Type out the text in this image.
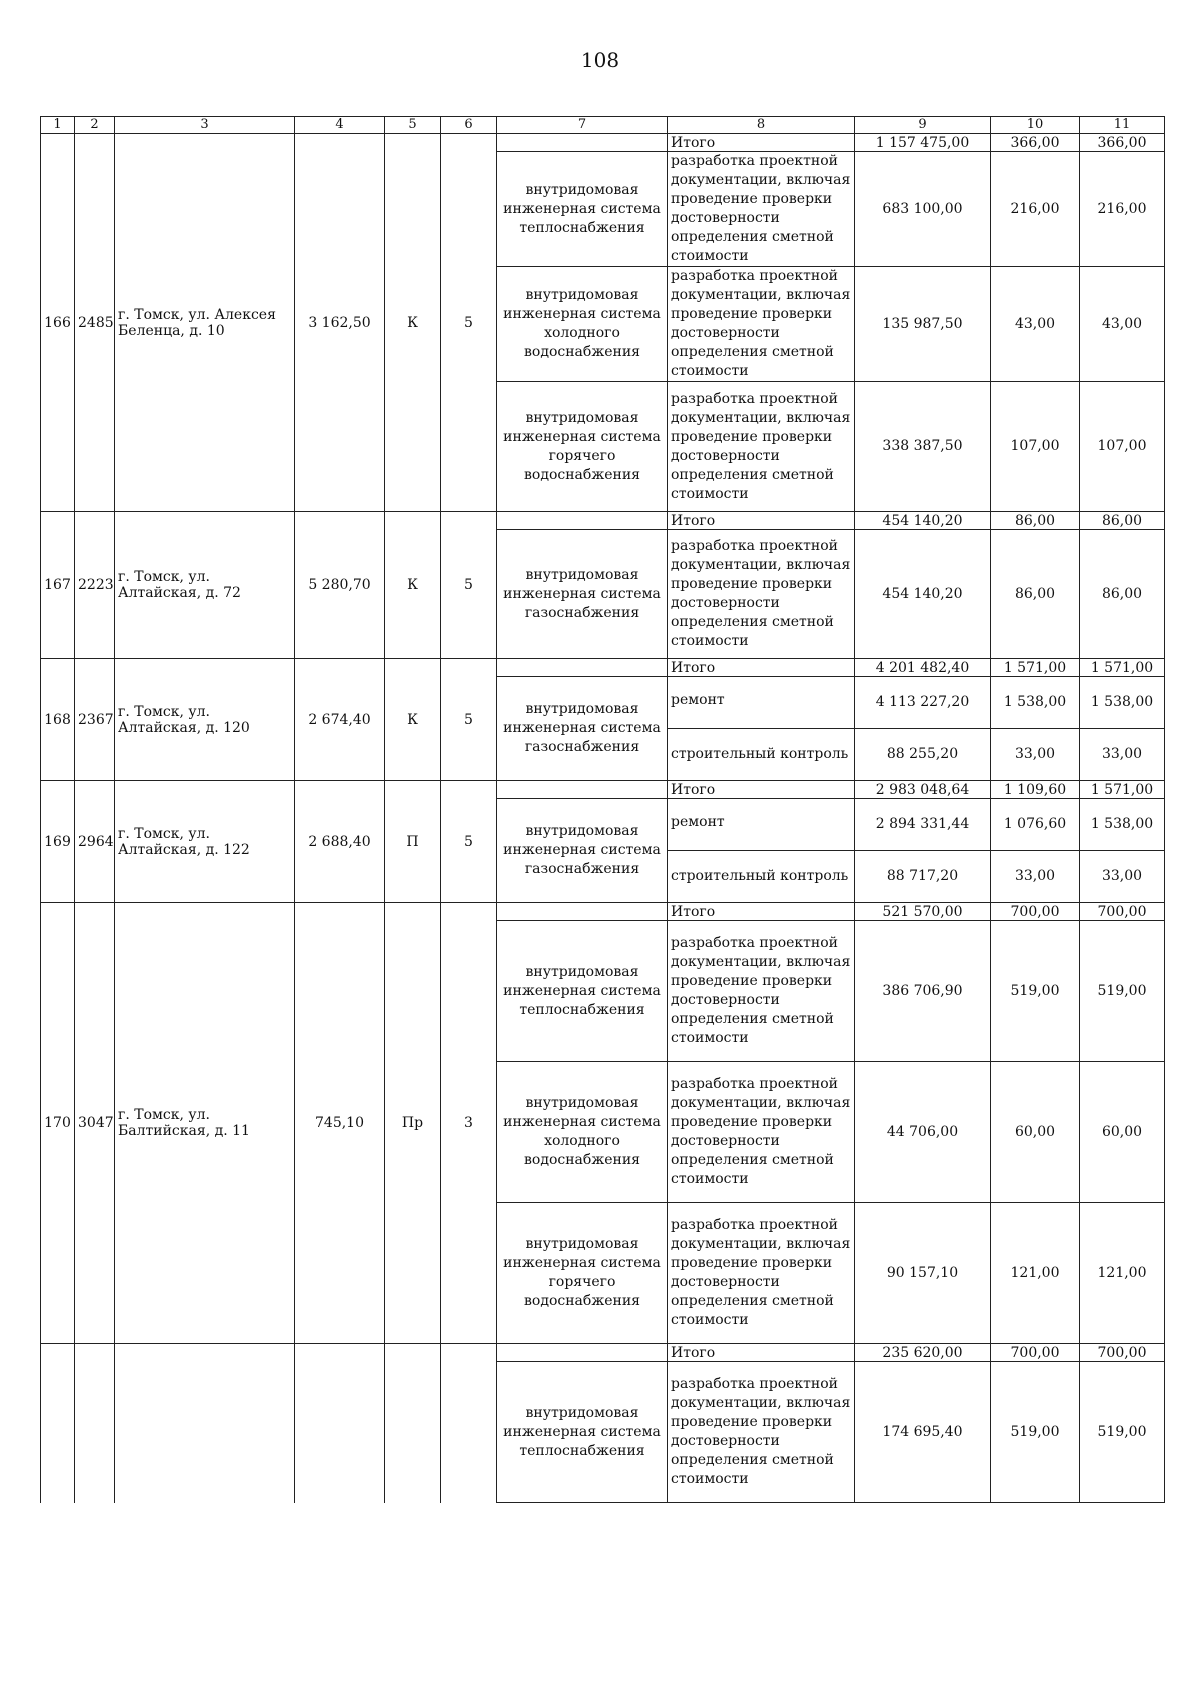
108
1	2	3	4	5	6	7	8	9	10	11
166	2485	г. Томск, ул. Алексея Беленца, д. 10	3 162,50	К	5		Итого	1 157 475,00	366,00	366,00
						внутридомовая инженерная система теплоснабжения	разработка проектной документации, включая проведение проверки достоверности определения сметной стоимости	683 100,00	216,00	216,00
						внутридомовая инженерная система холодного водоснабжения	разработка проектной документации, включая проведение проверки достоверности определения сметной стоимости	135 987,50	43,00	43,00
						внутридомовая инженерная система горячего водоснабжения	разработка проектной документации, включая проведение проверки достоверности определения сметной стоимости	338 387,50	107,00	107,00
167	2223	г. Томск, ул. Алтайская, д. 72	5 280,70	К	5		Итого	454 140,20	86,00	86,00
						внутридомовая инженерная система газоснабжения	разработка проектной документации, включая проведение проверки достоверности определения сметной стоимости	454 140,20	86,00	86,00
168	2367	г. Томск, ул. Алтайская, д. 120	2 674,40	К	5		Итого	4 201 482,40	1 571,00	1 571,00
						внутридомовая инженерная система газоснабжения	ремонт	4 113 227,20	1 538,00	1 538,00
							строительный контроль	88 255,20	33,00	33,00
169	2964	г. Томск, ул. Алтайская, д. 122	2 688,40	П	5		Итого	2 983 048,64	1 109,60	1 571,00
						внутридомовая инженерная система газоснабжения	ремонт	2 894 331,44	1 076,60	1 538,00
							строительный контроль	88 717,20	33,00	33,00
170	3047	г. Томск, ул. Балтийская, д. 11	745,10	Пр	3		Итого	521 570,00	700,00	700,00
						внутридомовая инженерная система теплоснабжения	разработка проектной документации, включая проведение проверки достоверности определения сметной стоимости	386 706,90	519,00	519,00
						внутридомовая инженерная система холодного водоснабжения	разработка проектной документации, включая проведение проверки достоверности определения сметной стоимости	44 706,00	60,00	60,00
						внутридомовая инженерная система горячего водоснабжения	разработка проектной документации, включая проведение проверки достоверности определения сметной стоимости	90 157,10	121,00	121,00
							Итого	235 620,00	700,00	700,00
						внутридомовая инженерная система теплоснабжения	разработка проектной документации, включая проведение проверки достоверности определения сметной стоимости	174 695,40	519,00	519,00
